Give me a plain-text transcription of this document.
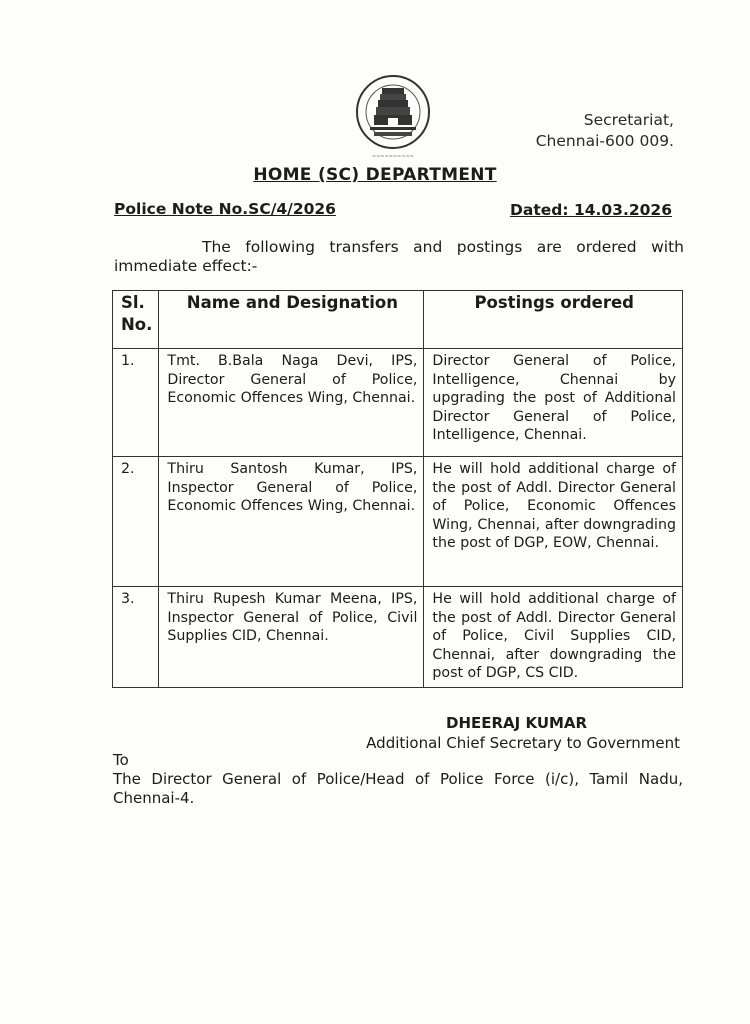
~~~~~~~~~~
Secretariat,
Chennai-600 009.
HOME (SC) DEPARTMENT
Police Note No.SC/4/2026	Dated: 14.03.2026
The following transfers and postings are ordered with immediate effect:-
Sl. No.	Name and Designation	Postings ordered
1.	Tmt. B.Bala Naga Devi, IPS, Director General of Police, Economic Offences Wing, Chennai.	Director General of Police, Intelligence, Chennai by upgrading the post of Additional Director General of Police, Intelligence, Chennai.
2.	Thiru Santosh Kumar, IPS, Inspector General of Police, Economic Offences Wing, Chennai.	He will hold additional charge of the post of Addl. Director General of Police, Economic Offences Wing, Chennai, after downgrading the post of DGP, EOW, Chennai.
3.	Thiru Rupesh Kumar Meena, IPS, Inspector General of Police, Civil Supplies CID, Chennai.	He will hold additional charge of the post of Addl. Director General of Police, Civil Supplies CID, Chennai, after downgrading the post of DGP, CS CID.
DHEERAJ KUMAR
Additional Chief Secretary to Government
To
The Director General of Police/Head of Police Force (i/c), Tamil Nadu, Chennai-4.
